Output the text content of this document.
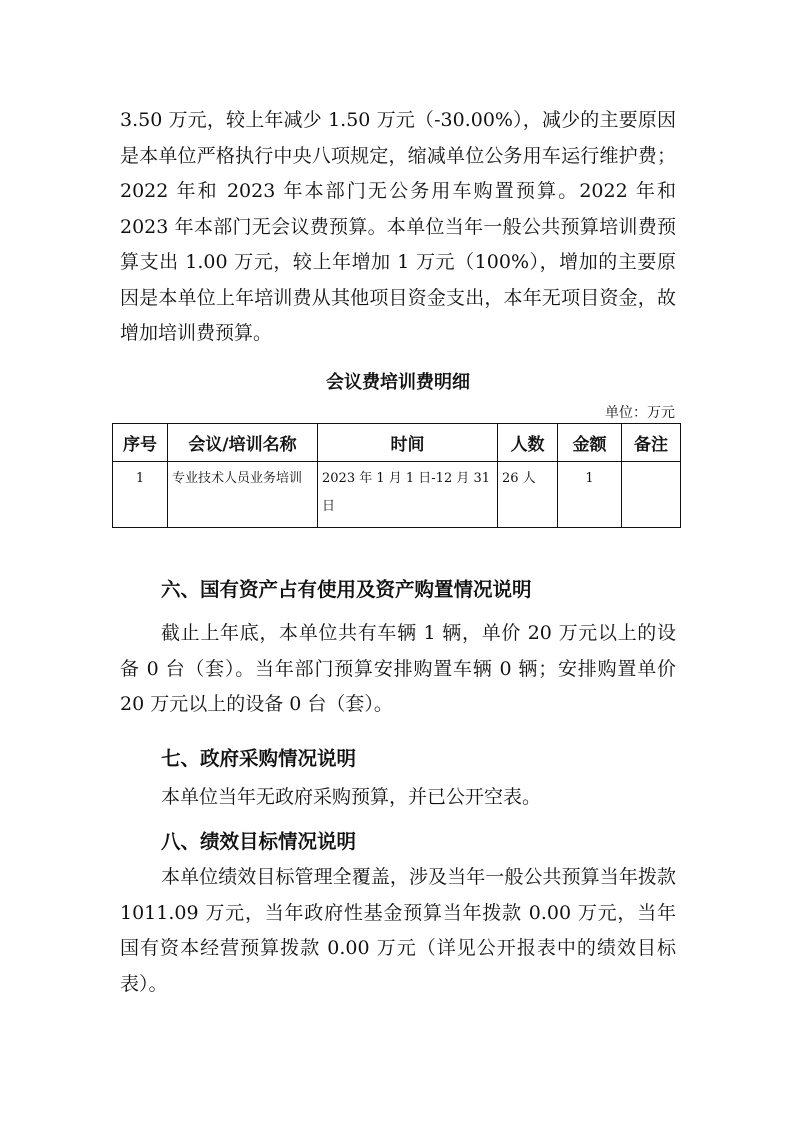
3.50 万元，较上年减少 1.50 万元（-30.00%），减少的主要原因是本单位严格执行中央八项规定，缩减单位公务用车运行维护费；2022 年和 2023 年本部门无公务用车购置预算。2022 年和 2023 年本部门无会议费预算。本单位当年一般公共预算培训费预算支出 1.00 万元，较上年增加 1 万元（100%），增加的主要原因是本单位上年培训费从其他项目资金支出，本年无项目资金，故增加培训费预算。

会议费培训费明细

单位：万元

序号	会议/培训名称	时间	人数	金额	备注
1	专业技术人员业务培训	2023 年 1 月 1 日-12 月 31 日	26 人	1	

六、国有资产占有使用及资产购置情况说明

截止上年底，本单位共有车辆 1 辆，单价 20 万元以上的设备 0 台（套）。当年部门预算安排购置车辆 0 辆；安排购置单价 20 万元以上的设备 0 台（套）。

七、政府采购情况说明

本单位当年无政府采购预算，并已公开空表。

八、绩效目标情况说明

本单位绩效目标管理全覆盖，涉及当年一般公共预算当年拨款 1011.09 万元，当年政府性基金预算当年拨款 0.00 万元，当年国有资本经营预算拨款 0.00 万元（详见公开报表中的绩效目标表）。
